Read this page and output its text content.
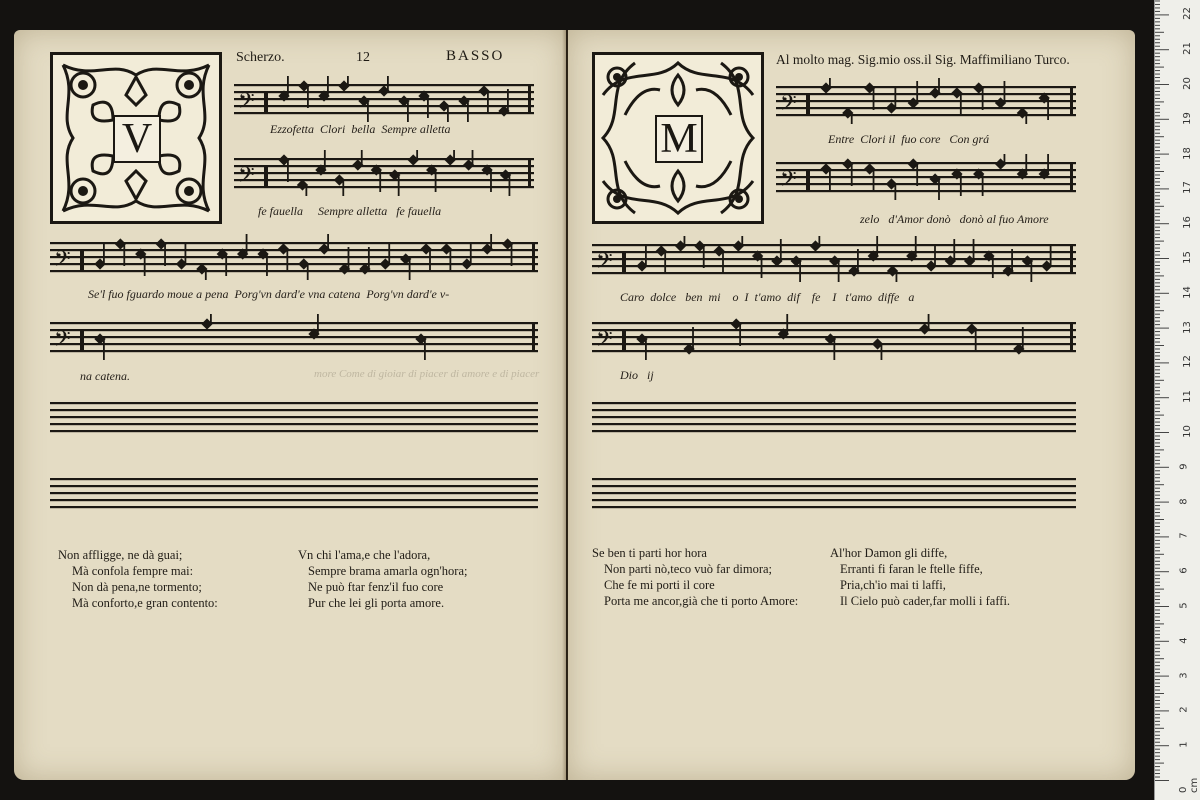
V
Scherzo.	12	BASSO
𝄢
Ezzofetta  Clori  bella  Sempre alletta
𝄢
fe fauella     Sempre alletta   fe fauella
𝄢
Se'l fuo fguardo moue a pena  Porg'vn dard'e vna catena  Porg'vn dard'e v-
𝄢
na catena.	more Come di gioiar di piacer di amore e di piacer
Non affligge, ne dà guai;
Mà confola fempre mai:
Non dà pena,ne tormento;
Mà conforto,e gran contento:
Vn chi l'ama,e che l'adora,
Sempre brama amarla ogn'hora;
Ne può ftar fenz'il fuo core
Pur che lei gli porta amore.
M
Al molto mag. Sig.mio oss.il Sig. Maffimiliano Turco.
𝄢
Entre  Clori il  fuo core   Con grá
𝄢
zelo   d'Amor donò   donò al fuo Amore
𝄢
Caro  dolce   ben  mi    o  I  t'amo  dif    fe    I   t'amo  diffe   a
𝄢
Dio   ij
Se ben ti parti hor hora
Non parti nò,teco vuò far dimora;
Che fe mi porti il core
Porta me ancor,già che ti porto Amore:
Al'hor Damon gli diffe,
Erranti fi faran le ftelle fiffe,
Pria,ch'io mai ti laffi,
Il Cielo può cader,far molli i faffi.
1
2
3
4
5
6
7
8
9
10
11
12
13
14
15
16
17
18
19
20
21
22
0 cm
